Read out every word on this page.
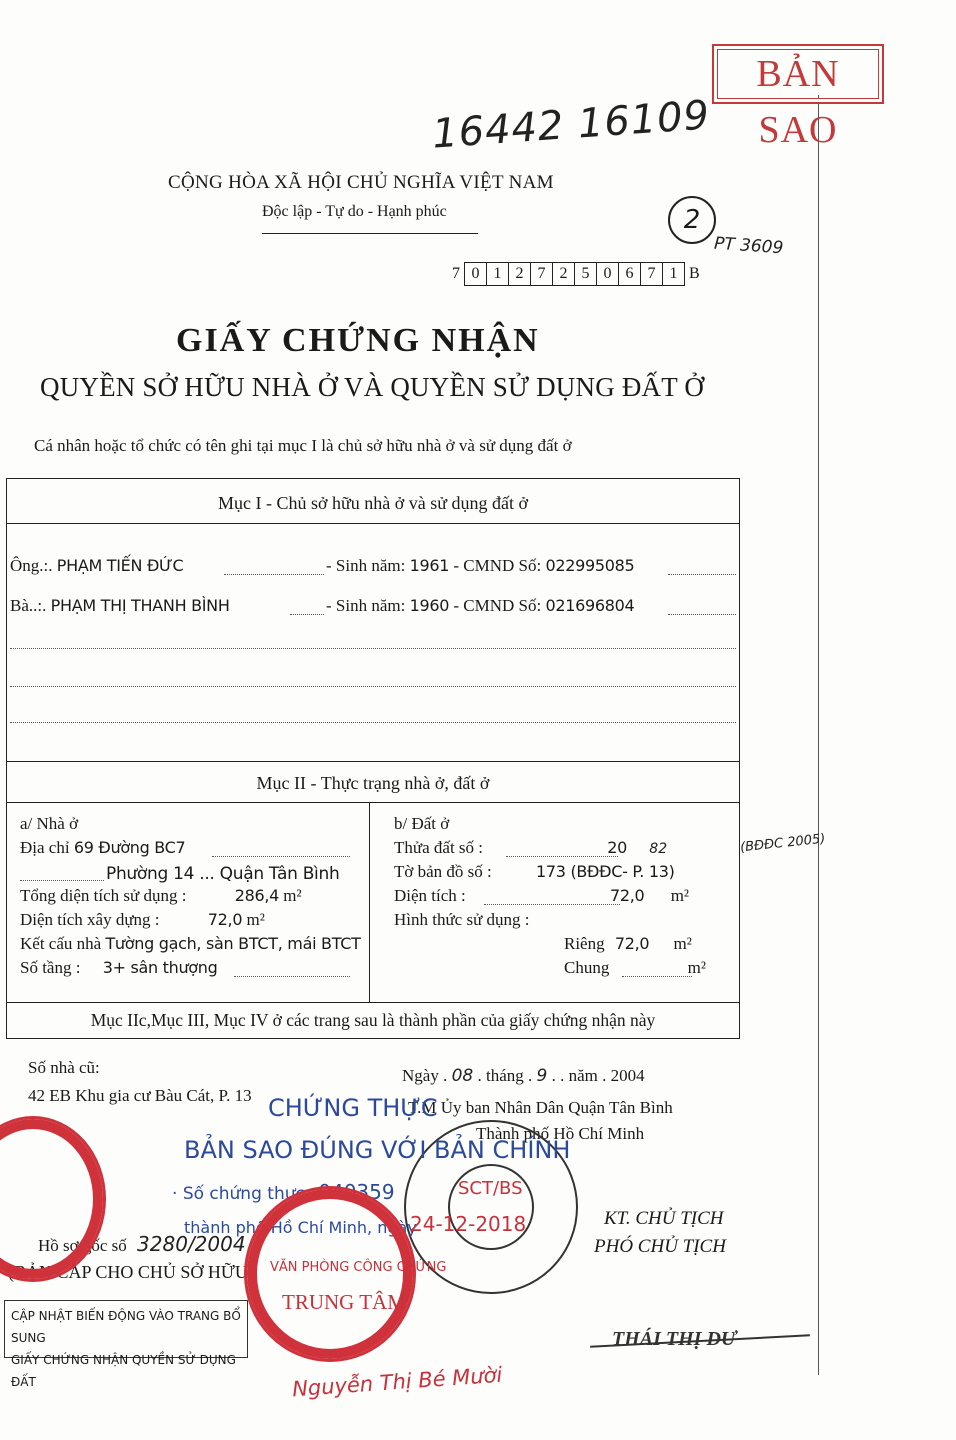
BẢN SAO
16442 16109
2
PT 3609
CỘNG HÒA XÃ HỘI CHỦ NGHĨA VIỆT NAM
Độc lập - Tự do - Hạnh phúc
7 0 1 2 7 2 5 0 6 7 1 B
GIẤY CHỨNG NHẬN
QUYỀN SỞ HỮU NHÀ Ở VÀ QUYỀN SỬ DỤNG ĐẤT Ở
Cá nhân hoặc tổ chức có tên ghi tại mục I là chủ sở hữu nhà ở và sử dụng đất ở
Mục I - Chủ sở hữu nhà ở và sử dụng đất ở
Ông.:. PHẠM TIẾN ĐỨC	- Sinh năm: 1961 - CMND Số: 022995085
Bà..:. PHẠM THỊ THANH BÌNH	- Sinh năm: 1960 - CMND Số: 021696804
Mục II - Thực trạng nhà ở, đất ở
a/ Nhà ở
Địa chỉ 69 Đường BC7
Phường 14 ... Quận Tân Bình
Tổng diện tích sử dụng :	286,4 m²
Diện tích xây dựng :	72,0 m²
Kết cấu nhà Tường gạch, sàn BTCT, mái BTCT
Số tầng : 3+ sân thượng
b/ Đất ở
Thửa đất số :	20 82
Tờ bản đồ số :	173 (BĐĐC- P. 13)
(BĐĐC 2005)
Diện tích :	72,0 m²
Hình thức sử dụng :
Riêng 72,0 m²
Chung	m²
Mục IIc,Mục III, Mục IV ở các trang sau là thành phần của giấy chứng nhận này
Số nhà cũ:
42 EB Khu gia cư Bàu Cát, P. 13
Hồ sơ gốc số 3280/2004
(BẢN CẤP CHO CHỦ SỞ HỮU)
CẬP NHẬT BIẾN ĐỘNG VÀO TRANG BỔ SUNG
GIẤY CHỨNG NHẬN QUYỀN SỬ DỤNG ĐẤT
Ngày . 08 . tháng . 9 . . năm . 2004
T.M Ủy ban Nhân Dân Quận Tân Bình
Thành phố Hồ Chí Minh
KT. CHỦ TỊCH
PHÓ CHỦ TỊCH
THÁI THỊ DƯ
CHỨNG THỰC
BẢN SAO ĐÚNG VỚI BẢN CHÍNH
· Số chứng thực 040359
thành phố Hồ Chí Minh, ngày
24-12-2018
SCT/BS
VĂN PHÒNG CÔNG CHỨNG
TRUNG TÂM
Nguyễn Thị Bé Mười
